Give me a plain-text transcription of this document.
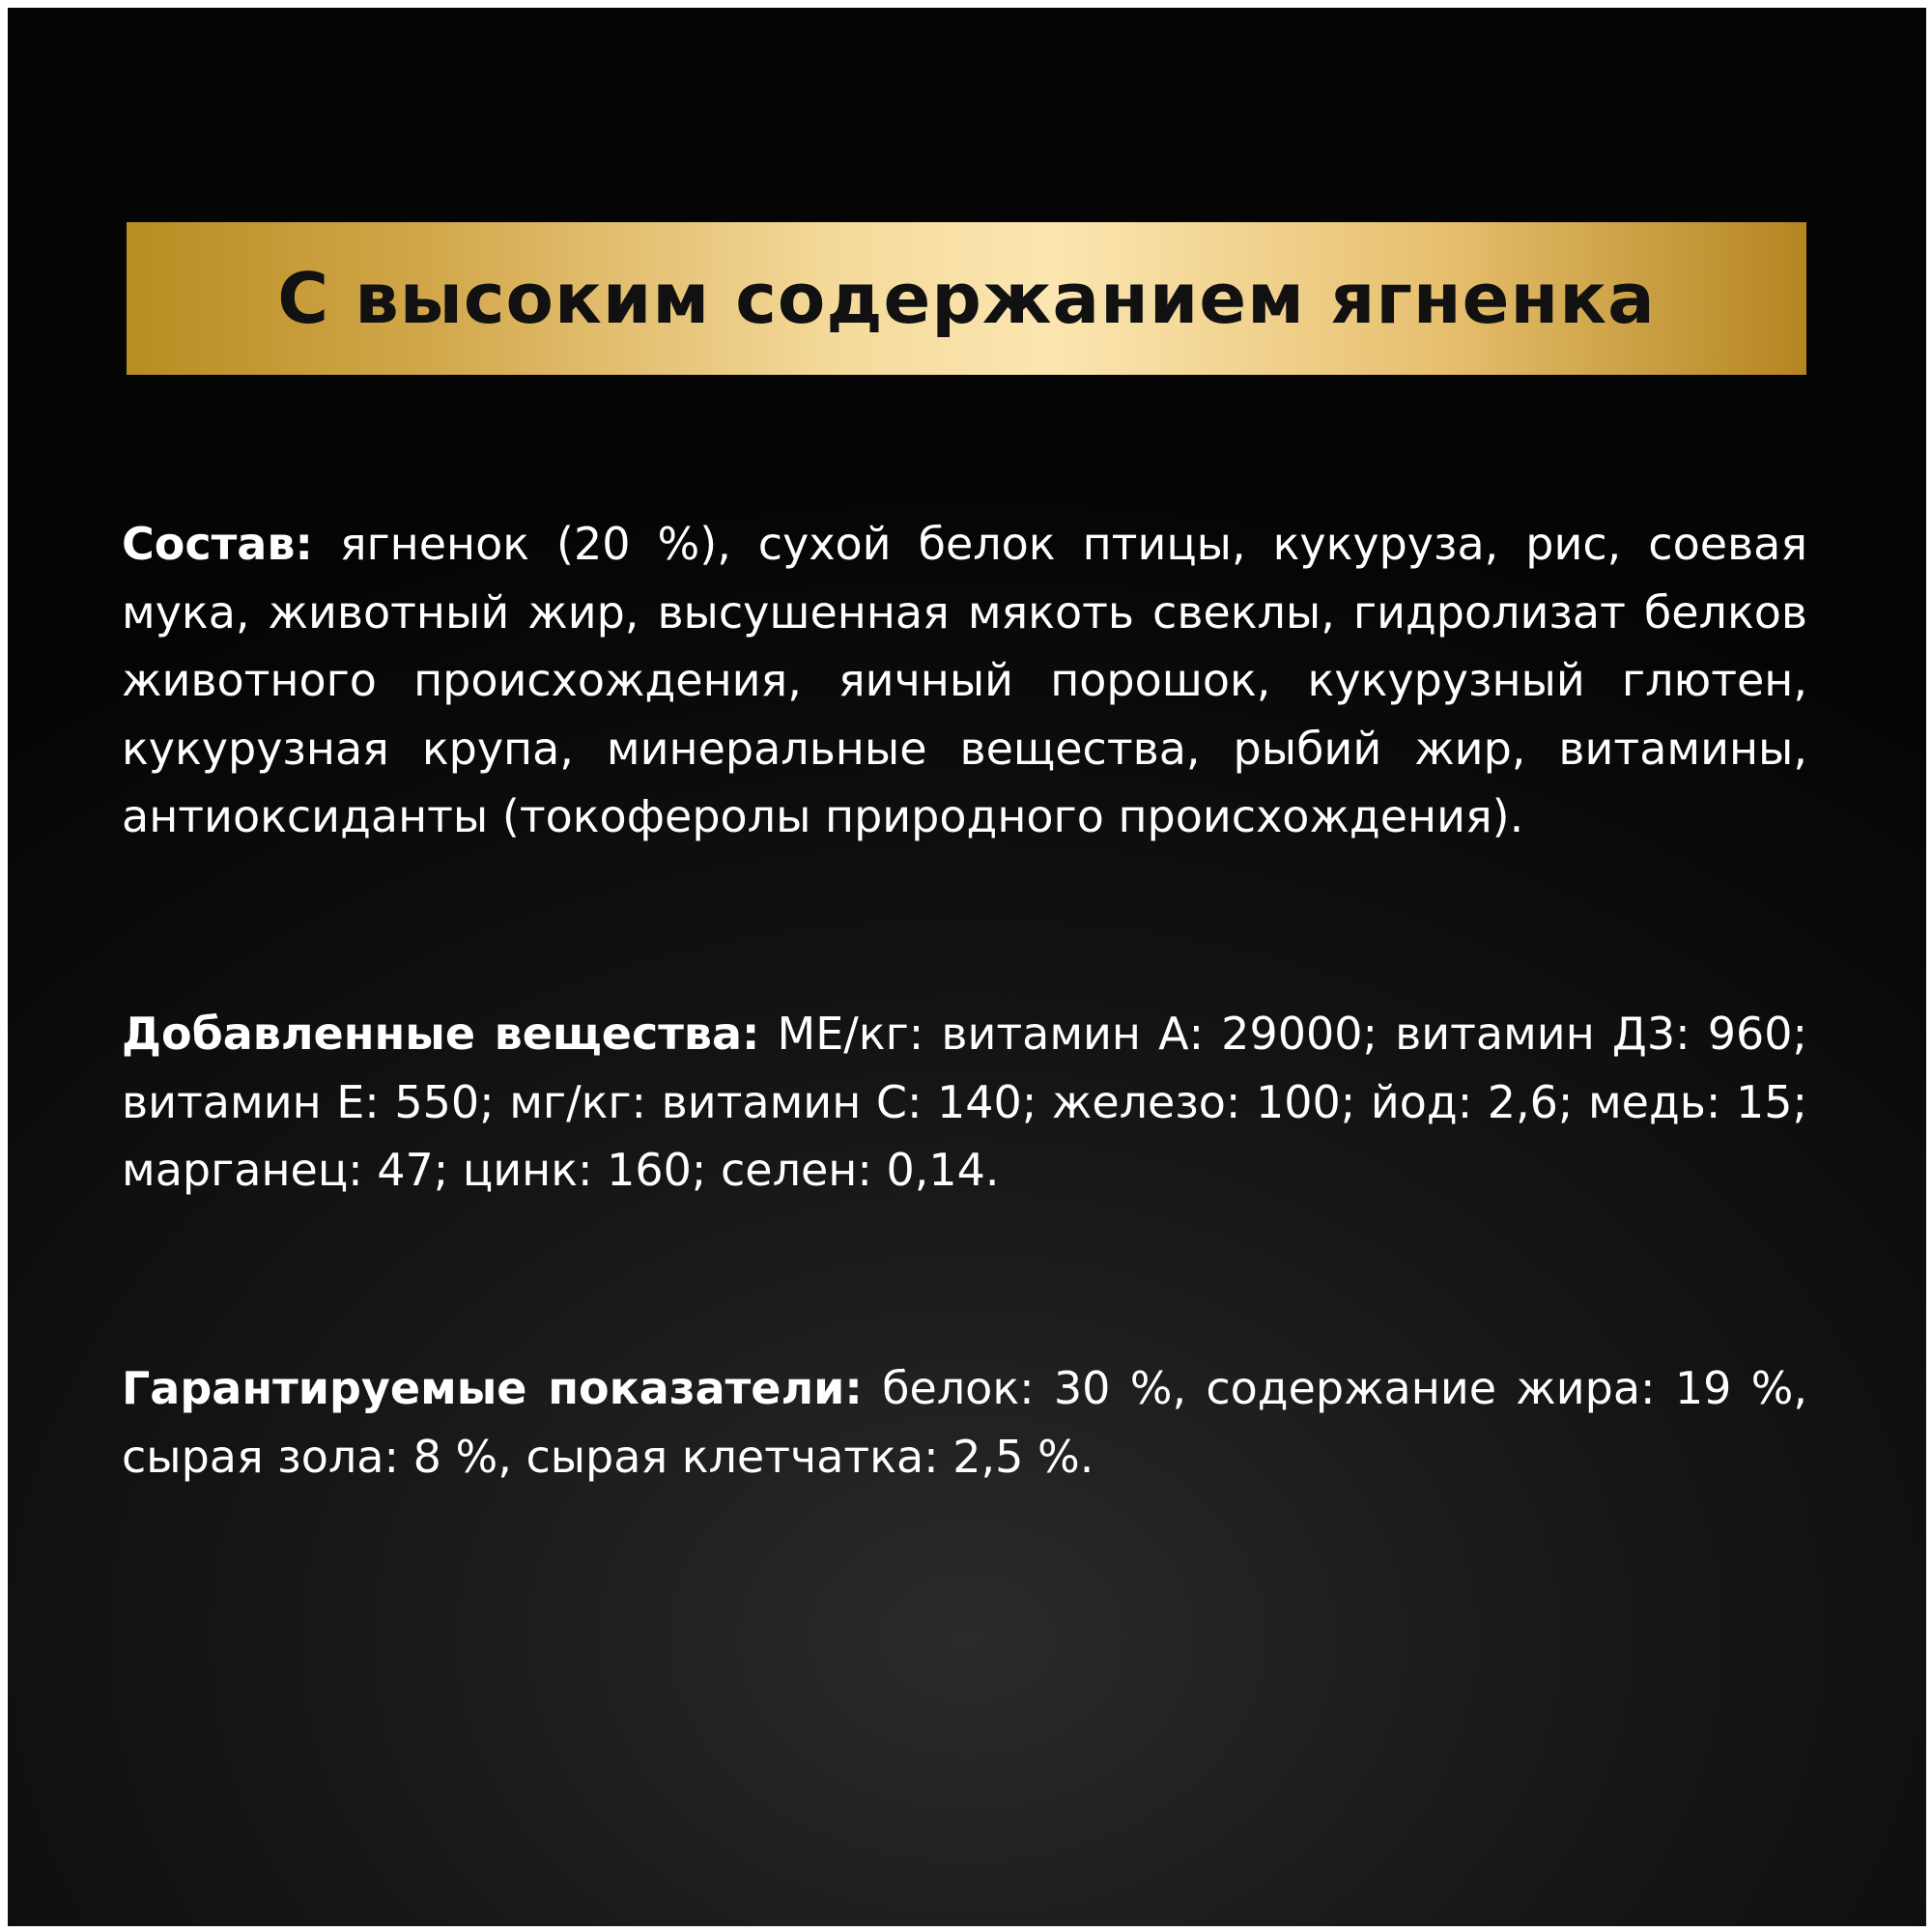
С высоким содержанием ягненка
Состав: ягненок (20 %), сухой белок птицы, кукуруза, рис, соевая мука, животный жир, высушенная мякоть свеклы, гидролизат белков животного происхождения, яичный порошок, кукурузный глютен, кукурузная крупа, минеральные вещества, рыбий жир, витамины, антиоксиданты (токоферолы природного происхождения).
Добавленные вещества: МЕ/кг: витамин А: 29000; витамин Д3: 960; витамин Е: 550; мг/кг: витамин С: 140; железо: 100; йод: 2,6; медь: 15; марганец: 47; цинк: 160; селен: 0,14.
Гарантируемые показатели: белок: 30 %, содержание жира: 19 %, сырая зола: 8 %, сырая клетчатка: 2,5 %.
